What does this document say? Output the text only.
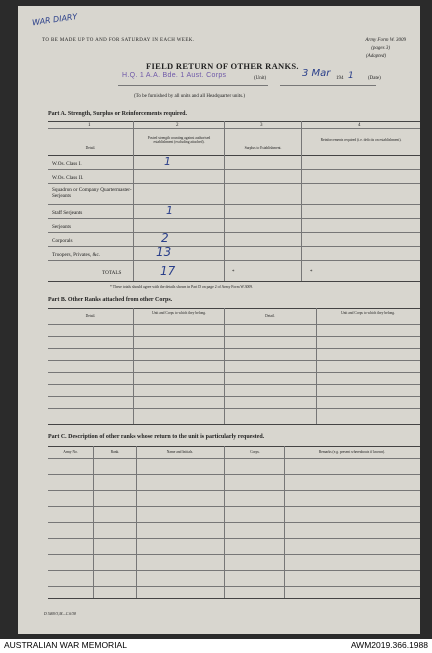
WAR DIARY
TO BE MADE UP TO AND FOR SATURDAY IN EACH WEEK.	Army Form W. 3009
(pages 3)
(Adapted)
FIELD RETURN OF OTHER RANKS.
H.Q. 1 A.A. Bde. 1 Aust. Corps	(Unit)	3 Mar 194 1	(Date)
(To be furnished by all units and all Headquarter units.)
Part A. Strength, Surplus or Reinforcements required.
1	2	3	4
Detail.
Posted strength counting against authorised establishment (excluding attached).
Surplus to Establishment.
Reinforcements required (i.e. deficits on establishment).
W.Os. Class I.	1
W.Os. Class II.
Squadron or Company Quartermaster-Serjeants
Staff Serjeants	1
Serjeants
Corporals	2
Troopers, Privates, &c.	13
TOTALS	17	*	*
* These totals should agree with the details shown in Part D on page 2 of Army Form W.3009.
Part B. Other Ranks attached from other Corps.
Detail.
Unit and Corps to which they belong.
Detail.
Unit and Corps to which they belong.
Part C. Description of other ranks whose return to the unit is particularly requested.
Army No.	Rank.	Name and Initials.	Corps.	Remarks (e.g. present whereabouts if known).
D 5469/3,M—C.6/38
AUSTRALIAN WAR MEMORIAL	AWM2019.366.1988
